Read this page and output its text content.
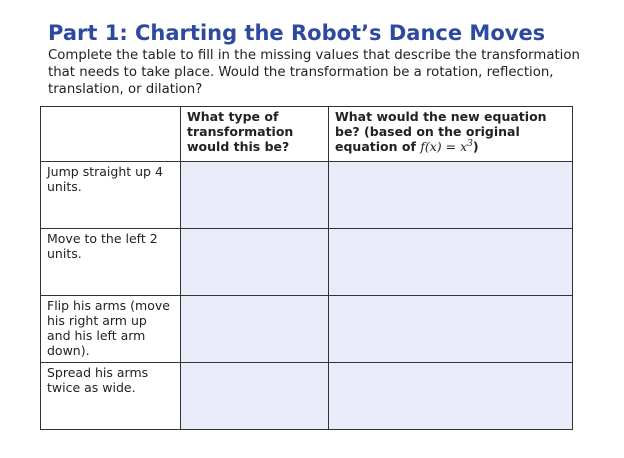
Part 1: Charting the Robot’s Dance Moves

Complete the table to fill in the missing values that describe the transformation that needs to take place. Would the transformation be a rotation, reflection, translation, or dilation?

	What type of transformation would this be?	What would the new equation be? (based on the original equation of $f(x) = x^3$)
Jump straight up 4 units.		
Move to the left 2 units.		
Flip his arms (move his right arm up and his left arm down).		
Spread his arms twice as wide.		
